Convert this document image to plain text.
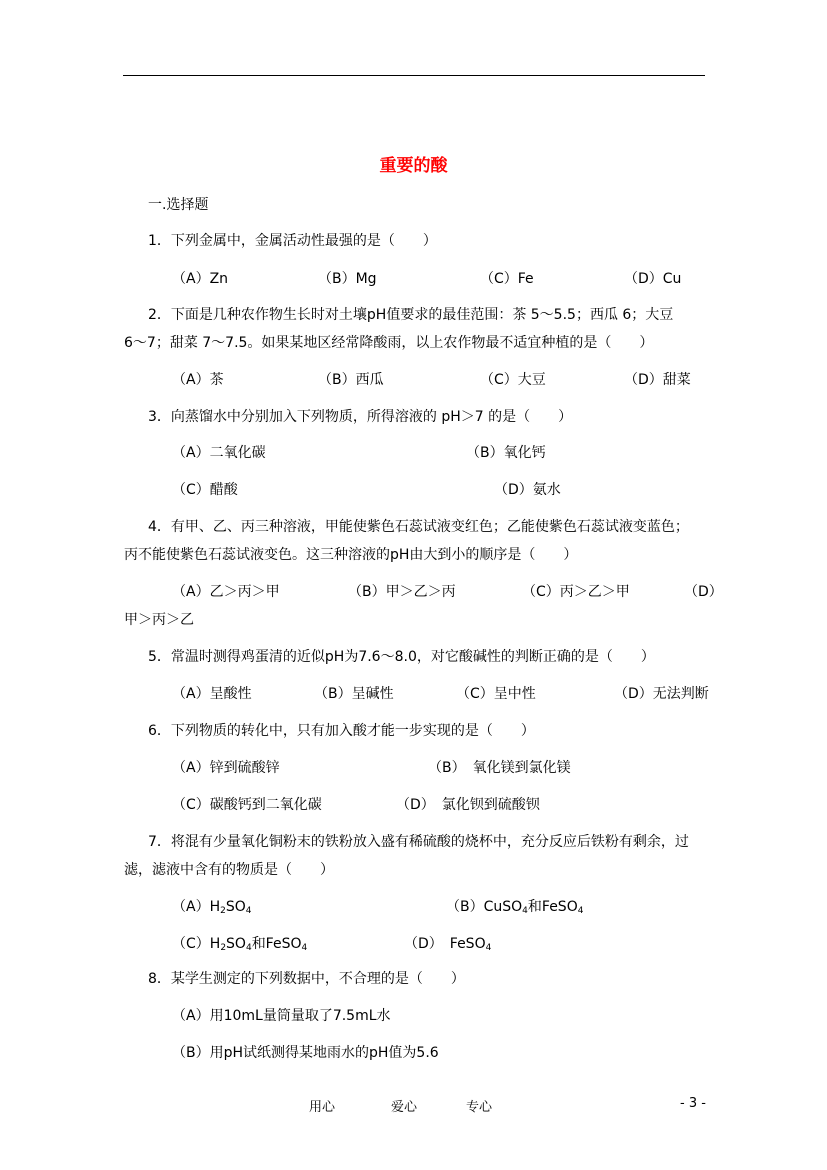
重要的酸
一.选择题
1．下列金属中，金属活动性最强的是（　　）
（A）Zn	（B）Mg	（C）Fe	（D）Cu
2．下面是几种农作物生长时对土壤pH值要求的最佳范围：茶 5～5.5；西瓜 6；大豆
6～7；甜菜 7～7.5。如果某地区经常降酸雨，以上农作物最不适宜种植的是（　　）
（A）茶	（B）西瓜	（C）大豆	（D）甜菜
3．向蒸馏水中分别加入下列物质，所得溶液的 pH＞7 的是（　　）
（A）二氧化碳	（B）氧化钙
（C）醋酸	（D）氨水
4．有甲、乙、丙三种溶液，甲能使紫色石蕊试液变红色；乙能使紫色石蕊试液变蓝色；
丙不能使紫色石蕊试液变色。这三种溶液的pH由大到小的顺序是（　　）
（A）乙＞丙＞甲	（B）甲＞乙＞丙	（C）丙＞乙＞甲	（D）
甲＞丙＞乙
5．常温时测得鸡蛋清的近似pH为7.6～8.0，对它酸碱性的判断正确的是（　　）
（A）呈酸性	（B）呈碱性	（C）呈中性	（D）无法判断
6．下列物质的转化中，只有加入酸才能一步实现的是（　　）
（A）锌到硫酸锌	（B）　氧化镁到氯化镁
（C）碳酸钙到二氧化碳	（D）　氯化钡到硫酸钡
7．将混有少量氧化铜粉末的铁粉放入盛有稀硫酸的烧杯中，充分反应后铁粉有剩余，过
滤，滤液中含有的物质是（　　）
$(A)H_2SO_4$	（B）CuSO$_4$和FeSO$_4$
$(C)H_2SO_4$和FeSO$_4$	（D）　FeSO$_4$
8．某学生测定的下列数据中，不合理的是（　　）
（A）用10mL量筒量取了7.5mL水
（B）用pH试纸测得某地雨水的pH值为5.6
用心	爱心	专心	- 3 -
